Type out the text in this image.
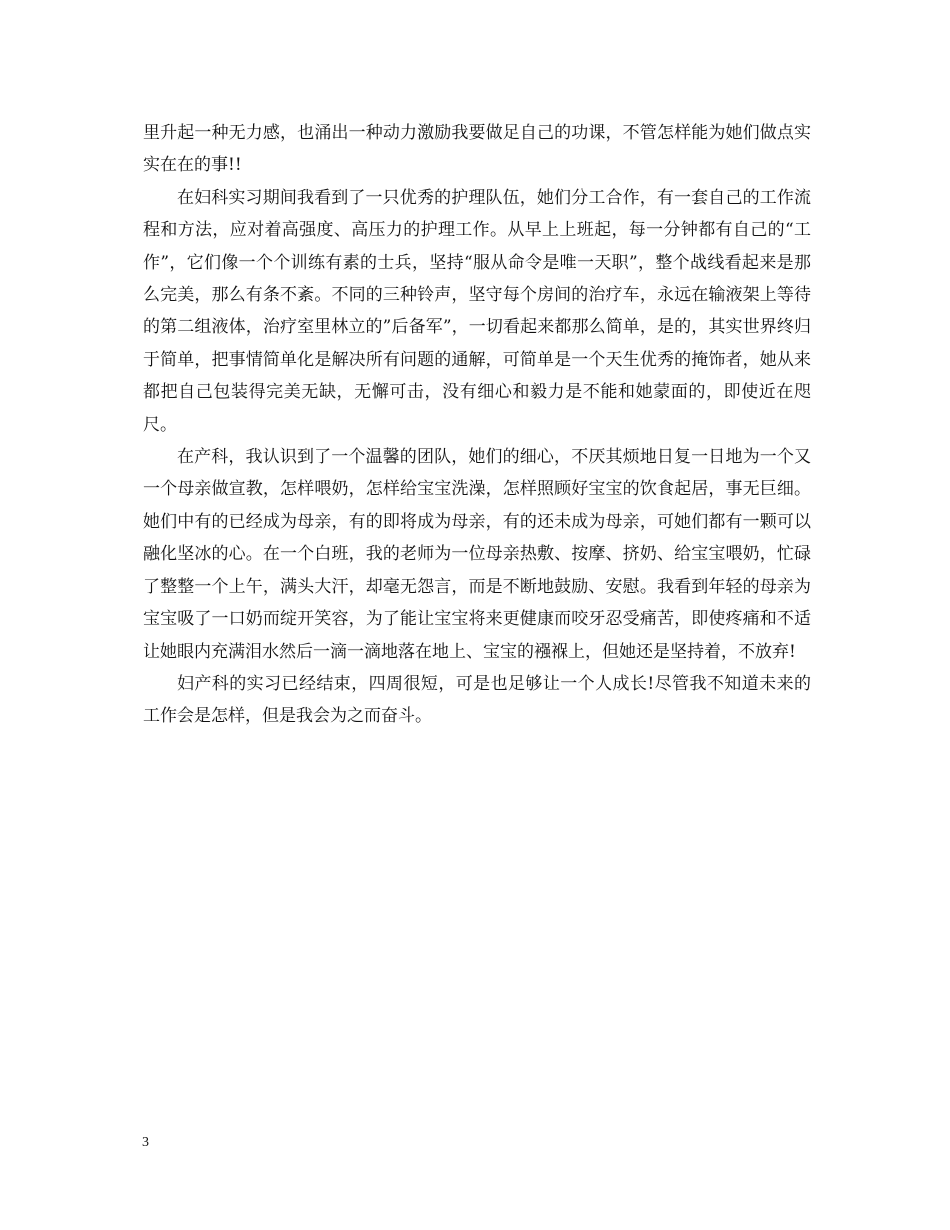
里升起一种无力感，也涌出一种动力激励我要做足自己的功课，不管怎样能为她们做点实实在在的事!!

在妇科实习期间我看到了一只优秀的护理队伍，她们分工合作，有一套自己的工作流程和方法，应对着高强度、高压力的护理工作。从早上上班起，每一分钟都有自己的“工作”，它们像一个个训练有素的士兵，坚持“服从命令是唯一天职”，整个战线看起来是那么完美，那么有条不紊。不同的三种铃声，坚守每个房间的治疗车，永远在输液架上等待的第二组液体，治疗室里林立的”后备军”，一切看起来都那么简单，是的，其实世界终归于简单，把事情简单化是解决所有问题的通解，可简单是一个天生优秀的掩饰者，她从来都把自己包装得完美无缺，无懈可击，没有细心和毅力是不能和她蒙面的，即使近在咫尺。

在产科，我认识到了一个温馨的团队，她们的细心，不厌其烦地日复一日地为一个又一个母亲做宣教，怎样喂奶，怎样给宝宝洗澡，怎样照顾好宝宝的饮食起居，事无巨细。她们中有的已经成为母亲，有的即将成为母亲，有的还未成为母亲，可她们都有一颗可以融化坚冰的心。在一个白班，我的老师为一位母亲热敷、按摩、挤奶、给宝宝喂奶，忙碌了整整一个上午，满头大汗，却毫无怨言，而是不断地鼓励、安慰。我看到年轻的母亲为宝宝吸了一口奶而绽开笑容，为了能让宝宝将来更健康而咬牙忍受痛苦，即使疼痛和不适让她眼内充满泪水然后一滴一滴地落在地上、宝宝的襁褓上，但她还是坚持着，不放弃!

妇产科的实习已经结束，四周很短，可是也足够让一个人成长!尽管我不知道未来的工作会是怎样，但是我会为之而奋斗。

3
